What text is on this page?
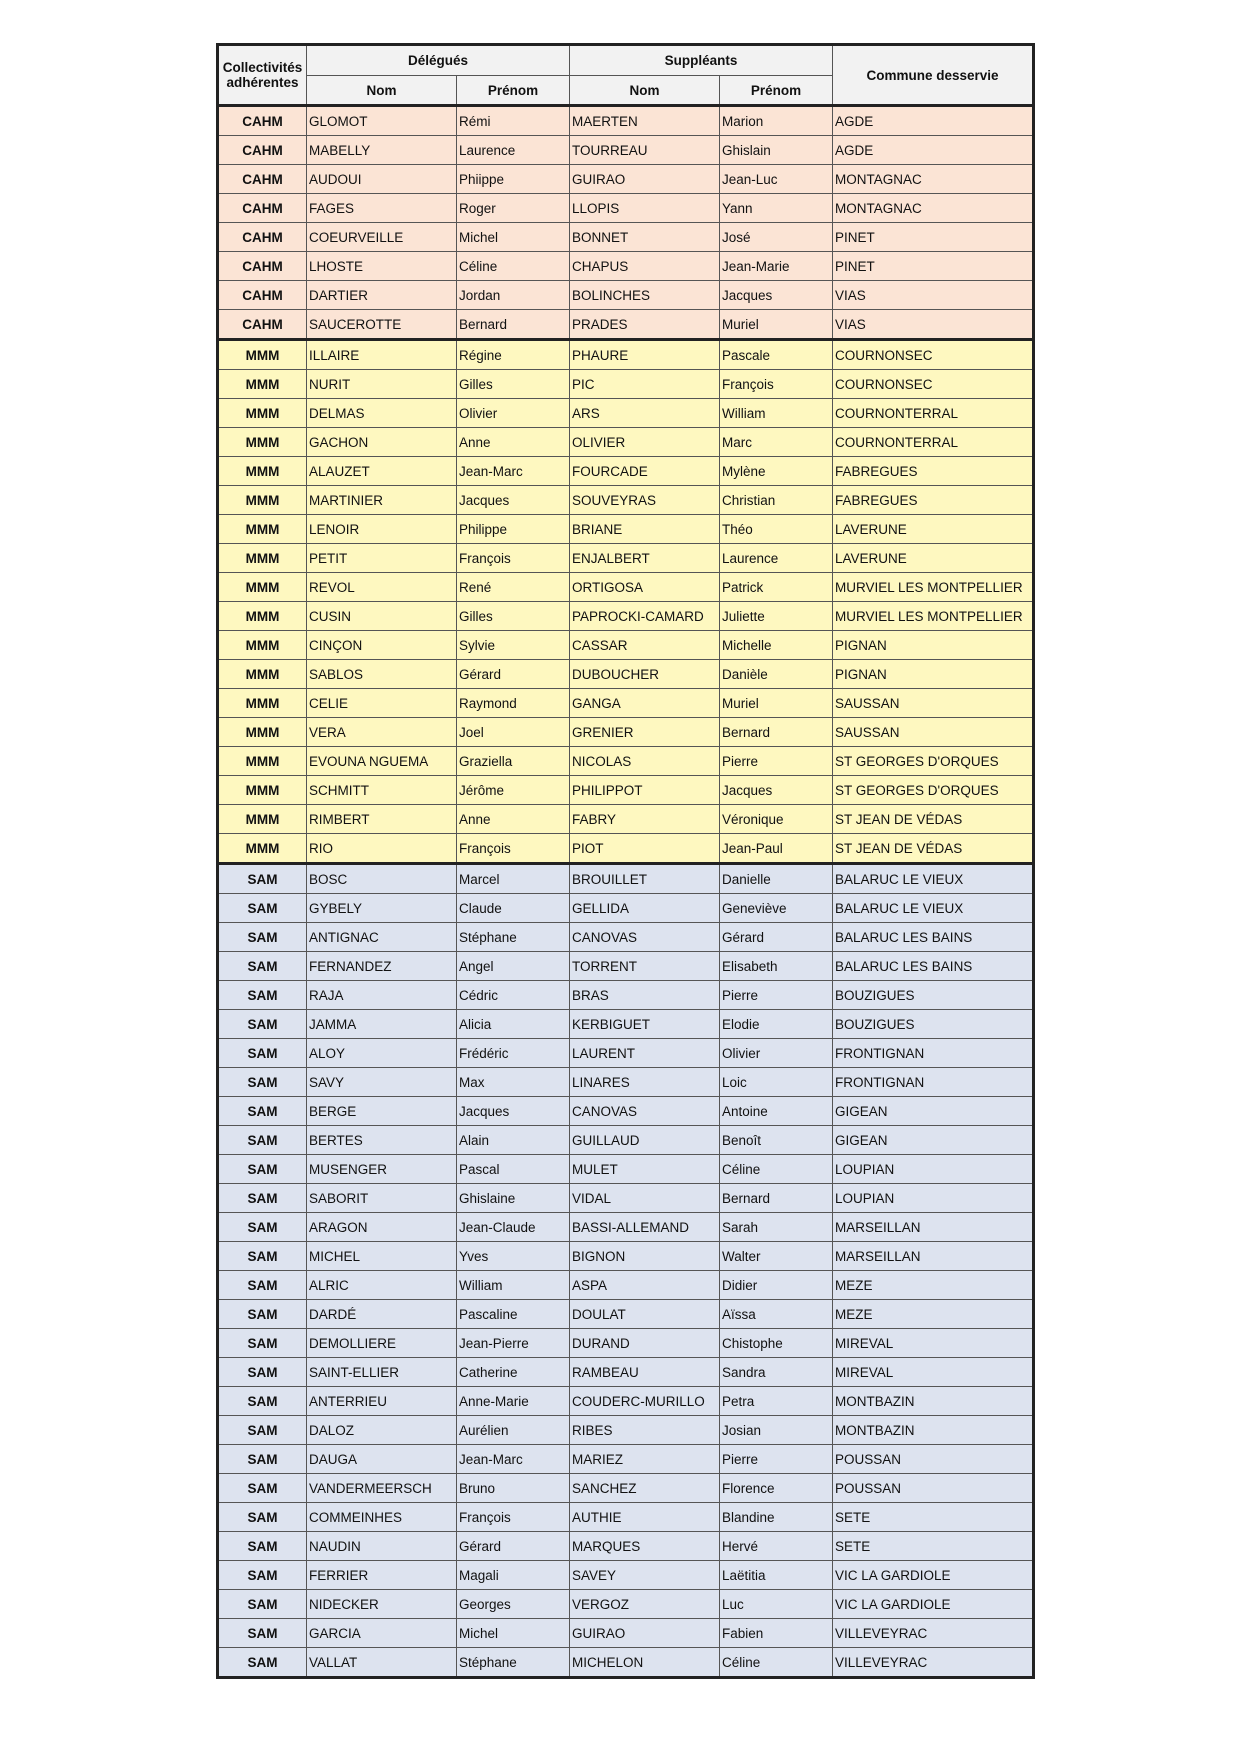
Collectivités adhérentes	Délégués		Suppléants		Commune desservie
	Nom	Prénom	Nom	Prénom	
CAHM	GLOMOT	Rémi	MAERTEN	Marion	AGDE
CAHM	MABELLY	Laurence	TOURREAU	Ghislain	AGDE
CAHM	AUDOUI	Phiippe	GUIRAO	Jean-Luc	MONTAGNAC
CAHM	FAGES	Roger	LLOPIS	Yann	MONTAGNAC
CAHM	COEURVEILLE	Michel	BONNET	José	PINET
CAHM	LHOSTE	Céline	CHAPUS	Jean-Marie	PINET
CAHM	DARTIER	Jordan	BOLINCHES	Jacques	VIAS
CAHM	SAUCEROTTE	Bernard	PRADES	Muriel	VIAS
MMM	ILLAIRE	Régine	PHAURE	Pascale	COURNONSEC
MMM	NURIT	Gilles	PIC	François	COURNONSEC
MMM	DELMAS	Olivier	ARS	William	COURNONTERRAL
MMM	GACHON	Anne	OLIVIER	Marc	COURNONTERRAL
MMM	ALAUZET	Jean-Marc	FOURCADE	Mylène	FABREGUES
MMM	MARTINIER	Jacques	SOUVEYRAS	Christian	FABREGUES
MMM	LENOIR	Philippe	BRIANE	Théo	LAVERUNE
MMM	PETIT	François	ENJALBERT	Laurence	LAVERUNE
MMM	REVOL	René	ORTIGOSA	Patrick	MURVIEL LES MONTPELLIER
MMM	CUSIN	Gilles	PAPROCKI-CAMARD	Juliette	MURVIEL LES MONTPELLIER
MMM	CINÇON	Sylvie	CASSAR	Michelle	PIGNAN
MMM	SABLOS	Gérard	DUBOUCHER	Danièle	PIGNAN
MMM	CELIE	Raymond	GANGA	Muriel	SAUSSAN
MMM	VERA	Joel	GRENIER	Bernard	SAUSSAN
MMM	EVOUNA NGUEMA	Graziella	NICOLAS	Pierre	ST GEORGES D'ORQUES
MMM	SCHMITT	Jérôme	PHILIPPOT	Jacques	ST GEORGES D'ORQUES
MMM	RIMBERT	Anne	FABRY	Véronique	ST JEAN DE VÉDAS
MMM	RIO	François	PIOT	Jean-Paul	ST JEAN DE VÉDAS
SAM	BOSC	Marcel	BROUILLET	Danielle	BALARUC LE VIEUX
SAM	GYBELY	Claude	GELLIDA	Geneviève	BALARUC LE VIEUX
SAM	ANTIGNAC	Stéphane	CANOVAS	Gérard	BALARUC LES BAINS
SAM	FERNANDEZ	Angel	TORRENT	Elisabeth	BALARUC LES BAINS
SAM	RAJA	Cédric	BRAS	Pierre	BOUZIGUES
SAM	JAMMA	Alicia	KERBIGUET	Elodie	BOUZIGUES
SAM	ALOY	Frédéric	LAURENT	Olivier	FRONTIGNAN
SAM	SAVY	Max	LINARES	Loic	FRONTIGNAN
SAM	BERGE	Jacques	CANOVAS	Antoine	GIGEAN
SAM	BERTES	Alain	GUILLAUD	Benoît	GIGEAN
SAM	MUSENGER	Pascal	MULET	Céline	LOUPIAN
SAM	SABORIT	Ghislaine	VIDAL	Bernard	LOUPIAN
SAM	ARAGON	Jean-Claude	BASSI-ALLEMAND	Sarah	MARSEILLAN
SAM	MICHEL	Yves	BIGNON	Walter	MARSEILLAN
SAM	ALRIC	William	ASPA	Didier	MEZE
SAM	DARDÉ	Pascaline	DOULAT	Aïssa	MEZE
SAM	DEMOLLIERE	Jean-Pierre	DURAND	Chistophe	MIREVAL
SAM	SAINT-ELLIER	Catherine	RAMBEAU	Sandra	MIREVAL
SAM	ANTERRIEU	Anne-Marie	COUDERC-MURILLO	Petra	MONTBAZIN
SAM	DALOZ	Aurélien	RIBES	Josian	MONTBAZIN
SAM	DAUGA	Jean-Marc	MARIEZ	Pierre	POUSSAN
SAM	VANDERMEERSCH	Bruno	SANCHEZ	Florence	POUSSAN
SAM	COMMEINHES	François	AUTHIE	Blandine	SETE
SAM	NAUDIN	Gérard	MARQUES	Hervé	SETE
SAM	FERRIER	Magali	SAVEY	Laëtitia	VIC LA GARDIOLE
SAM	NIDECKER	Georges	VERGOZ	Luc	VIC LA GARDIOLE
SAM	GARCIA	Michel	GUIRAO	Fabien	VILLEVEYRAC
SAM	VALLAT	Stéphane	MICHELON	Céline	VILLEVEYRAC
